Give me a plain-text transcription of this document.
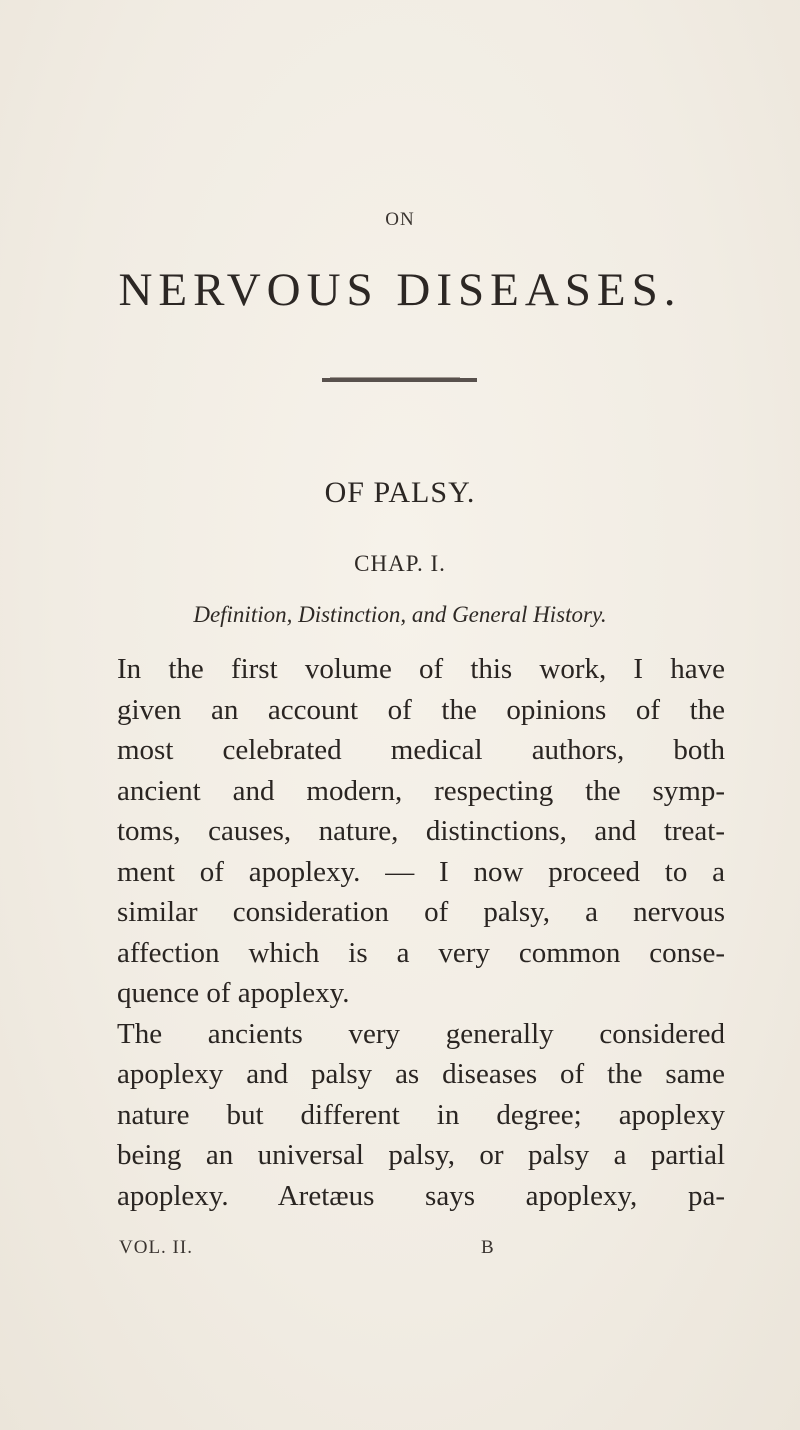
ON
NERVOUS DISEASES.
OF PALSY.
CHAP. I.
Definition, Distinction, and General History.
In the first volume of this work, I have
given an account of the opinions of the
most celebrated medical authors, both
ancient and modern, respecting the symp-
toms, causes, nature, distinctions, and treat-
ment of apoplexy. — I now proceed to a
similar consideration of palsy, a nervous
affection which is a very common conse-
quence of apoplexy.
The ancients very generally considered
apoplexy and palsy as diseases of the same
nature but different in degree; apoplexy
being an universal palsy, or palsy a partial
apoplexy. Aretæus says apoplexy, pa-
VOL. II.	B
